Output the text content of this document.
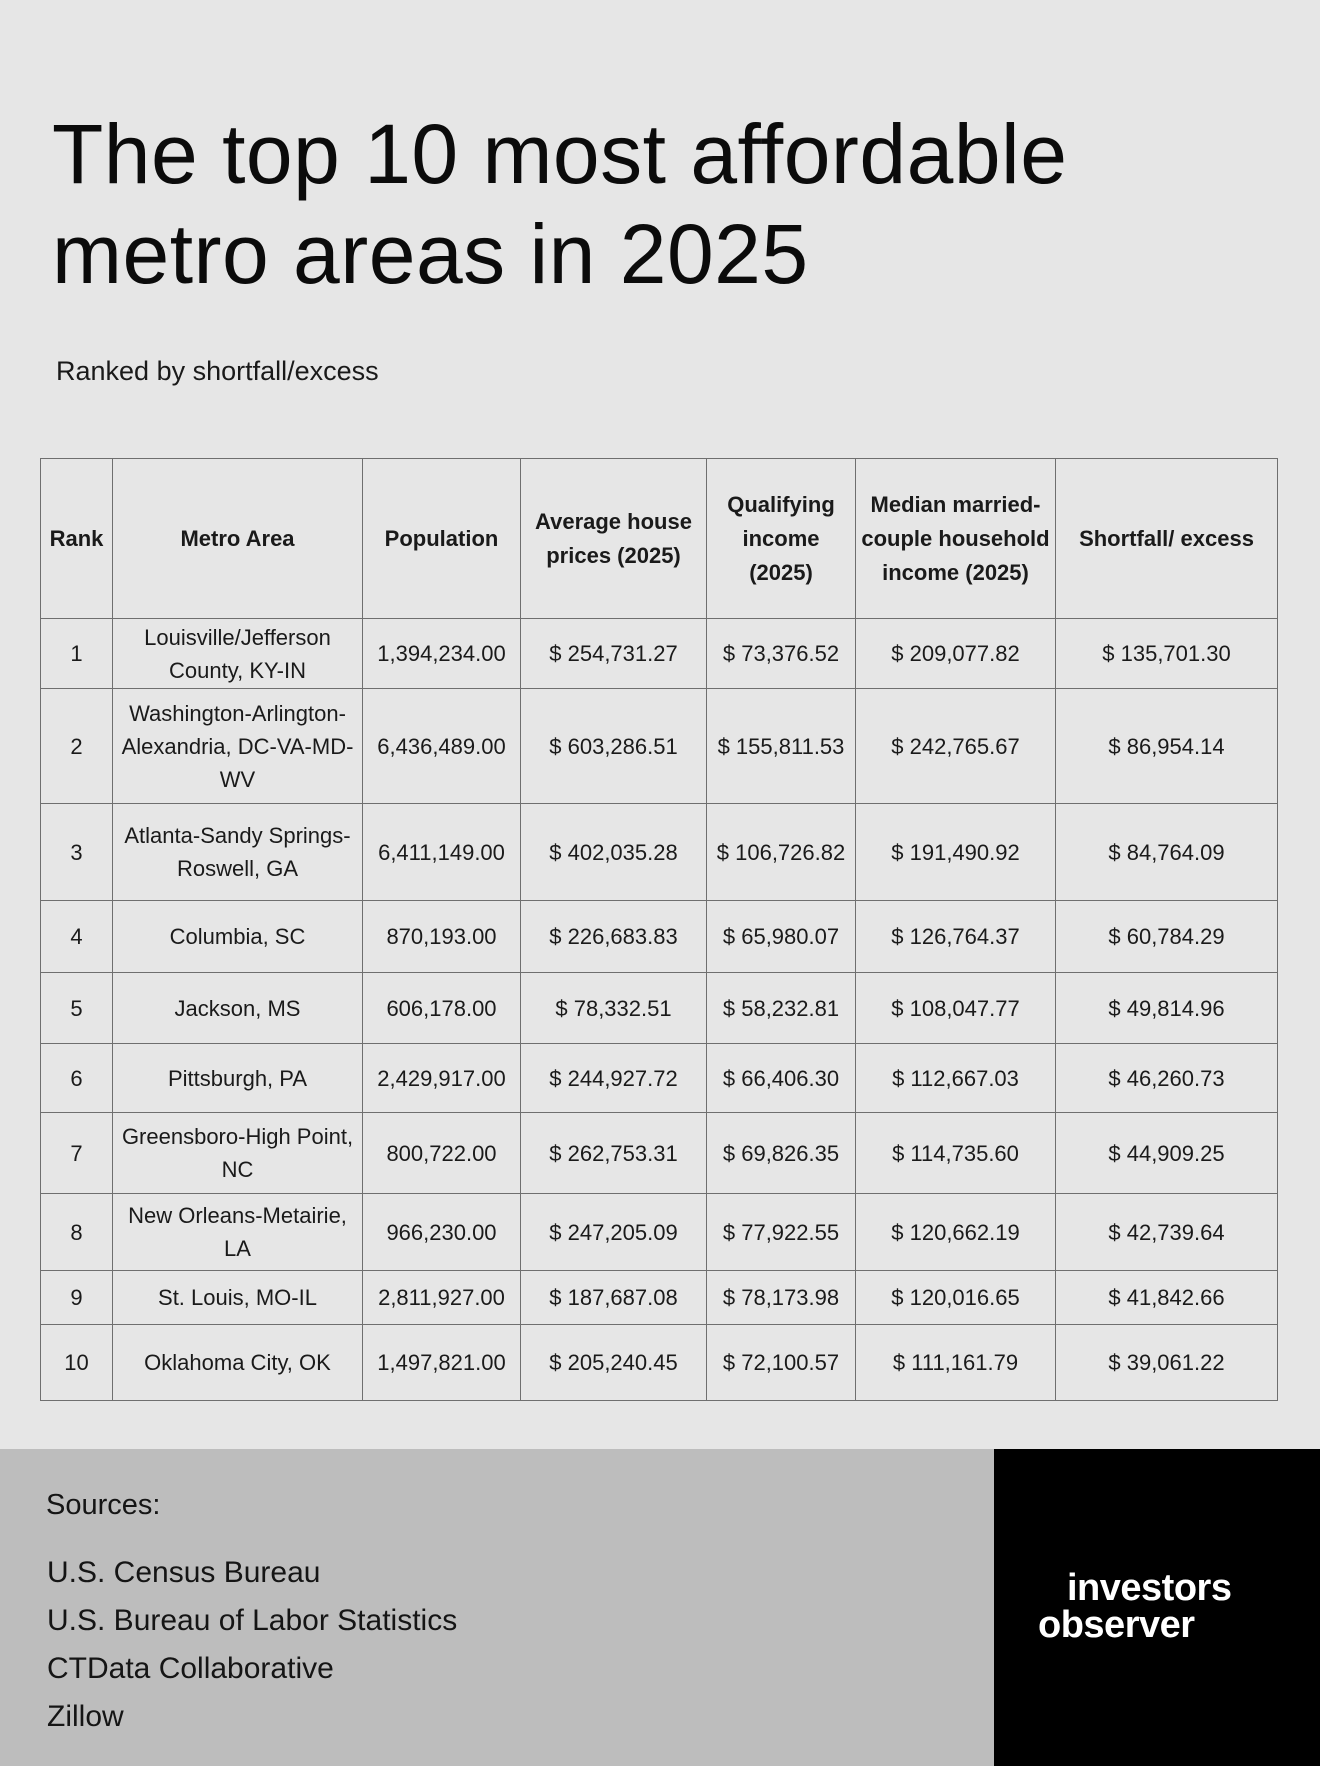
The top 10 most affordable
metro areas in 2025
Ranked by shortfall/excess
Rank	Metro Area	Population	Average house prices (2025)	Qualifying income (2025)	Median married-couple household income (2025)	Shortfall/ excess
1	Louisville/Jefferson County, KY-IN	1,394,234.00	$ 254,731.27	$ 73,376.52	$ 209,077.82	$ 135,701.30
2	Washington-Arlington-Alexandria, DC-VA-MD-WV	6,436,489.00	$ 603,286.51	$ 155,811.53	$ 242,765.67	$ 86,954.14
3	Atlanta-Sandy Springs-Roswell, GA	6,411,149.00	$ 402,035.28	$ 106,726.82	$ 191,490.92	$ 84,764.09
4	Columbia, SC	870,193.00	$ 226,683.83	$ 65,980.07	$ 126,764.37	$ 60,784.29
5	Jackson, MS	606,178.00	$ 78,332.51	$ 58,232.81	$ 108,047.77	$ 49,814.96
6	Pittsburgh, PA	2,429,917.00	$ 244,927.72	$ 66,406.30	$ 112,667.03	$ 46,260.73
7	Greensboro-High Point, NC	800,722.00	$ 262,753.31	$ 69,826.35	$ 114,735.60	$ 44,909.25
8	New Orleans-Metairie, LA	966,230.00	$ 247,205.09	$ 77,922.55	$ 120,662.19	$ 42,739.64
9	St. Louis, MO-IL	2,811,927.00	$ 187,687.08	$ 78,173.98	$ 120,016.65	$ 41,842.66
10	Oklahoma City, OK	1,497,821.00	$ 205,240.45	$ 72,100.57	$ 111,161.79	$ 39,061.22
Sources:
U.S. Census Bureau
U.S. Bureau of Labor Statistics
CTData Collaborative
Zillow
investors
observer
